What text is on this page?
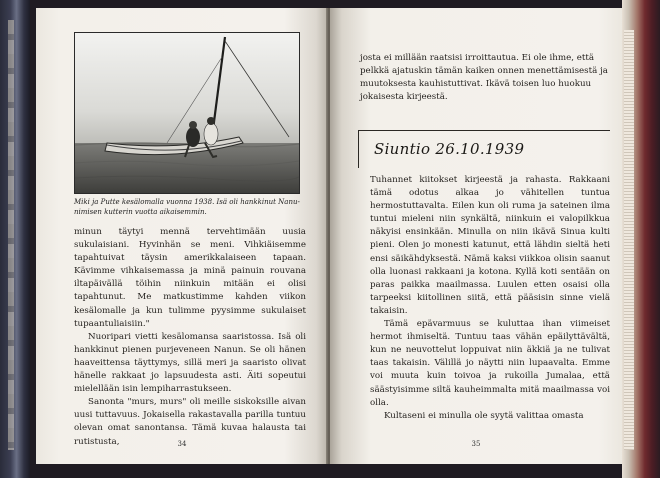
Miki ja Putte kesälomalla vuonna 1938. Isä oli hankkinut Nanu-nimisen kutterin vuotta aikaisemmin.

minun täytyi mennä tervehtimään uusia sukulaisiani. Hyvinhän se meni. Vihkiäisemme tapahtuivat täysin amerikkalaiseen tapaan. Kävimme vihkaisemassa ja minä painuin rouvana iltapäivällä töihin niinkuin mitään ei olisi tapahtunut. Me matkustimme kahden viikon kesälomalle ja kun tulimme pyysimme sukulaiset tupaantuliaisiin."

Nuoripari vietti kesälomansa saaristossa. Isä oli hankkinut pienen purjeveneen Nanun. Se oli hänen haaveittensa täyttymys, sillä meri ja saaristo olivat hänelle rakkaat jo lapsuudesta asti. Äiti sopeutui mielellään isin lempiharrastukseen.

Sanonta "murs, murs" oli meille siskoksille aivan uusi tuttavuus. Jokaisella rakastavalla parilla tuntuu olevan omat sanontansa. Tämä kuvaa halausta tai rutistusta,	34
josta ei millään raatsisi irroittautua. Ei ole ihme, että pelkkä ajatuskin tämän kaiken onnen menettämisestä ja muutoksesta kauhistuttivat. Ikävä toisen luo huokuu jokaisesta kirjeestä.
Siuntio 26.10.1939

Tuhannet kiitokset kirjeestä ja rahasta. Rakkaani tämä odotus alkaa jo vähitellen tuntua hermostuttavalta. Eilen kun oli ruma ja sateinen ilma tuntui mieleni niin synkältä, niinkuin ei valopilkkua näkyisi ensinkään. Minulla on niin ikävä Sinua kulti pieni. Olen jo monesti katunut, että lähdin sieltä heti ensi säikähdyksestä. Nämä kaksi viikkoa olisin saanut olla luonasi rakkaani ja kotona. Kyllä koti sentään on paras paikka maailmassa. Luulen etten osaisi olla tarpeeksi kiitollinen siitä, että pääsisin sinne vielä takaisin.

Tämä epävarmuus se kuluttaa ihan viimeiset hermot ihmiseltä. Tuntuu taas vähän epäilyttävältä, kun ne neuvottelut loppuivat niin äkkiä ja ne tulivat taas takaisin. Välillä jo näytti niin lupaavalta. Emme voi muuta kuin toivoa ja rukoilla Jumalaa, että säästyisimme siltä kauheimmalta mitä maailmassa voi olla.

Kultaseni ei minulla ole syytä valittaa omasta

35
